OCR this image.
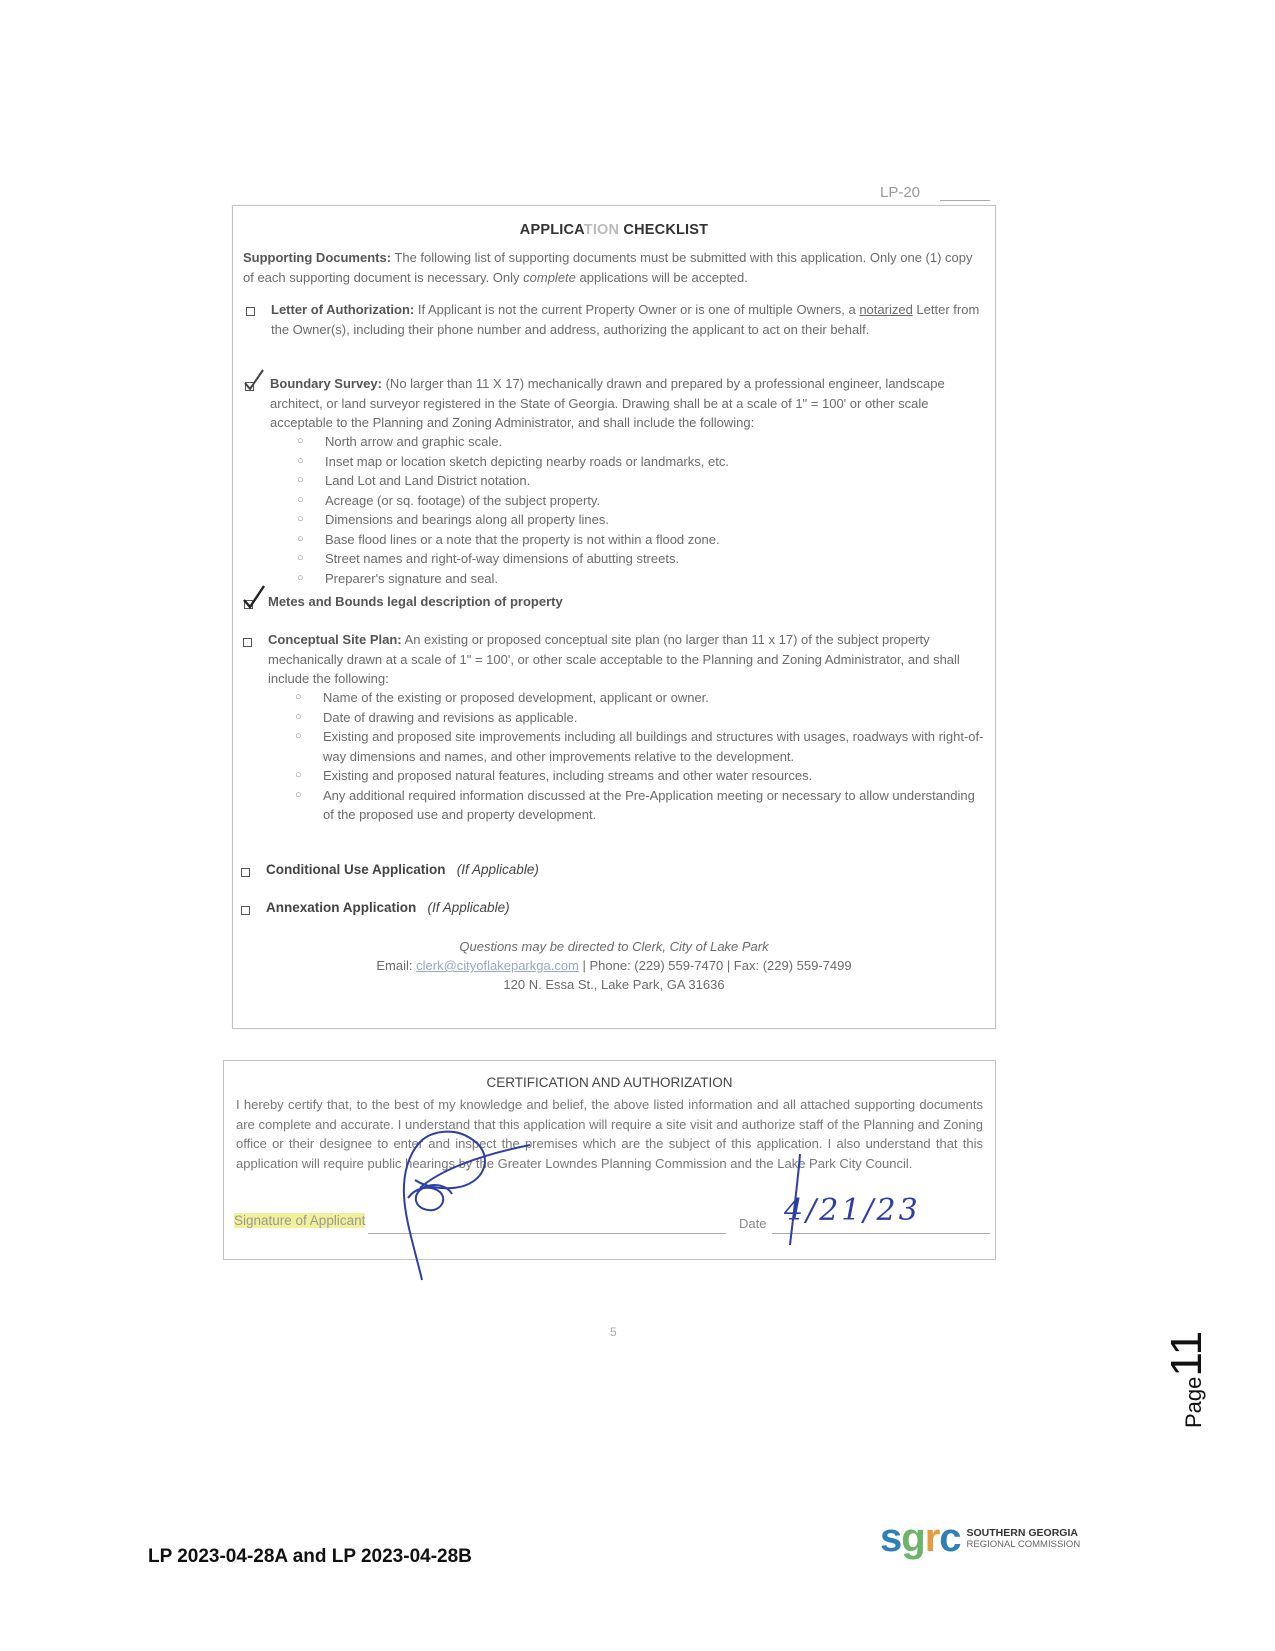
LP-20
APPLICATION CHECKLIST
Supporting Documents: The following list of supporting documents must be submitted with this application. Only one (1) copy of each supporting document is necessary. Only complete applications will be accepted.
Letter of Authorization: If Applicant is not the current Property Owner or is one of multiple Owners, a notarized Letter from the Owner(s), including their phone number and address, authorizing the applicant to act on their behalf.
Boundary Survey: (No larger than 11 X 17) mechanically drawn and prepared by a professional engineer, landscape architect, or land surveyor registered in the State of Georgia. Drawing shall be at a scale of 1" = 100' or other scale acceptable to the Planning and Zoning Administrator, and shall include the following:
○ North arrow and graphic scale.
○ Inset map or location sketch depicting nearby roads or landmarks, etc.
○ Land Lot and Land District notation.
○ Acreage (or sq. footage) of the subject property.
○ Dimensions and bearings along all property lines.
○ Base flood lines or a note that the property is not within a flood zone.
○ Street names and right-of-way dimensions of abutting streets.
○ Preparer's signature and seal.
Metes and Bounds legal description of property
Conceptual Site Plan: An existing or proposed conceptual site plan (no larger than 11 x 17) of the subject property mechanically drawn at a scale of 1" = 100', or other scale acceptable to the Planning and Zoning Administrator, and shall include the following:
○ Name of the existing or proposed development, applicant or owner.
○ Date of drawing and revisions as applicable.
○ Existing and proposed site improvements including all buildings and structures with usages, roadways with right-of-way dimensions and names, and other improvements relative to the development.
○ Existing and proposed natural features, including streams and other water resources.
○ Any additional required information discussed at the Pre-Application meeting or necessary to allow understanding of the proposed use and property development.
Conditional Use Application (If Applicable)
Annexation Application (If Applicable)
Questions may be directed to Clerk, City of Lake Park
Email: clerk@cityoflakeparkga.com | Phone: (229) 559-7470 | Fax: (229) 559-7499
120 N. Essa St., Lake Park, GA 31636
CERTIFICATION AND AUTHORIZATION
I hereby certify that, to the best of my knowledge and belief, the above listed information and all attached supporting documents are complete and accurate. I understand that this application will require a site visit and authorize staff of the Planning and Zoning office or their designee to enter and inspect the premises which are the subject of this application. I also understand that this application will require public hearings by the Greater Lowndes Planning Commission and the Lake Park City Council.
Signature of Applicant	Date 4/21/23
5
Page11
LP 2023-04-28A and LP 2023-04-28B	sgrc SOUTHERN GEORGIA
REGIONAL COMMISSION
